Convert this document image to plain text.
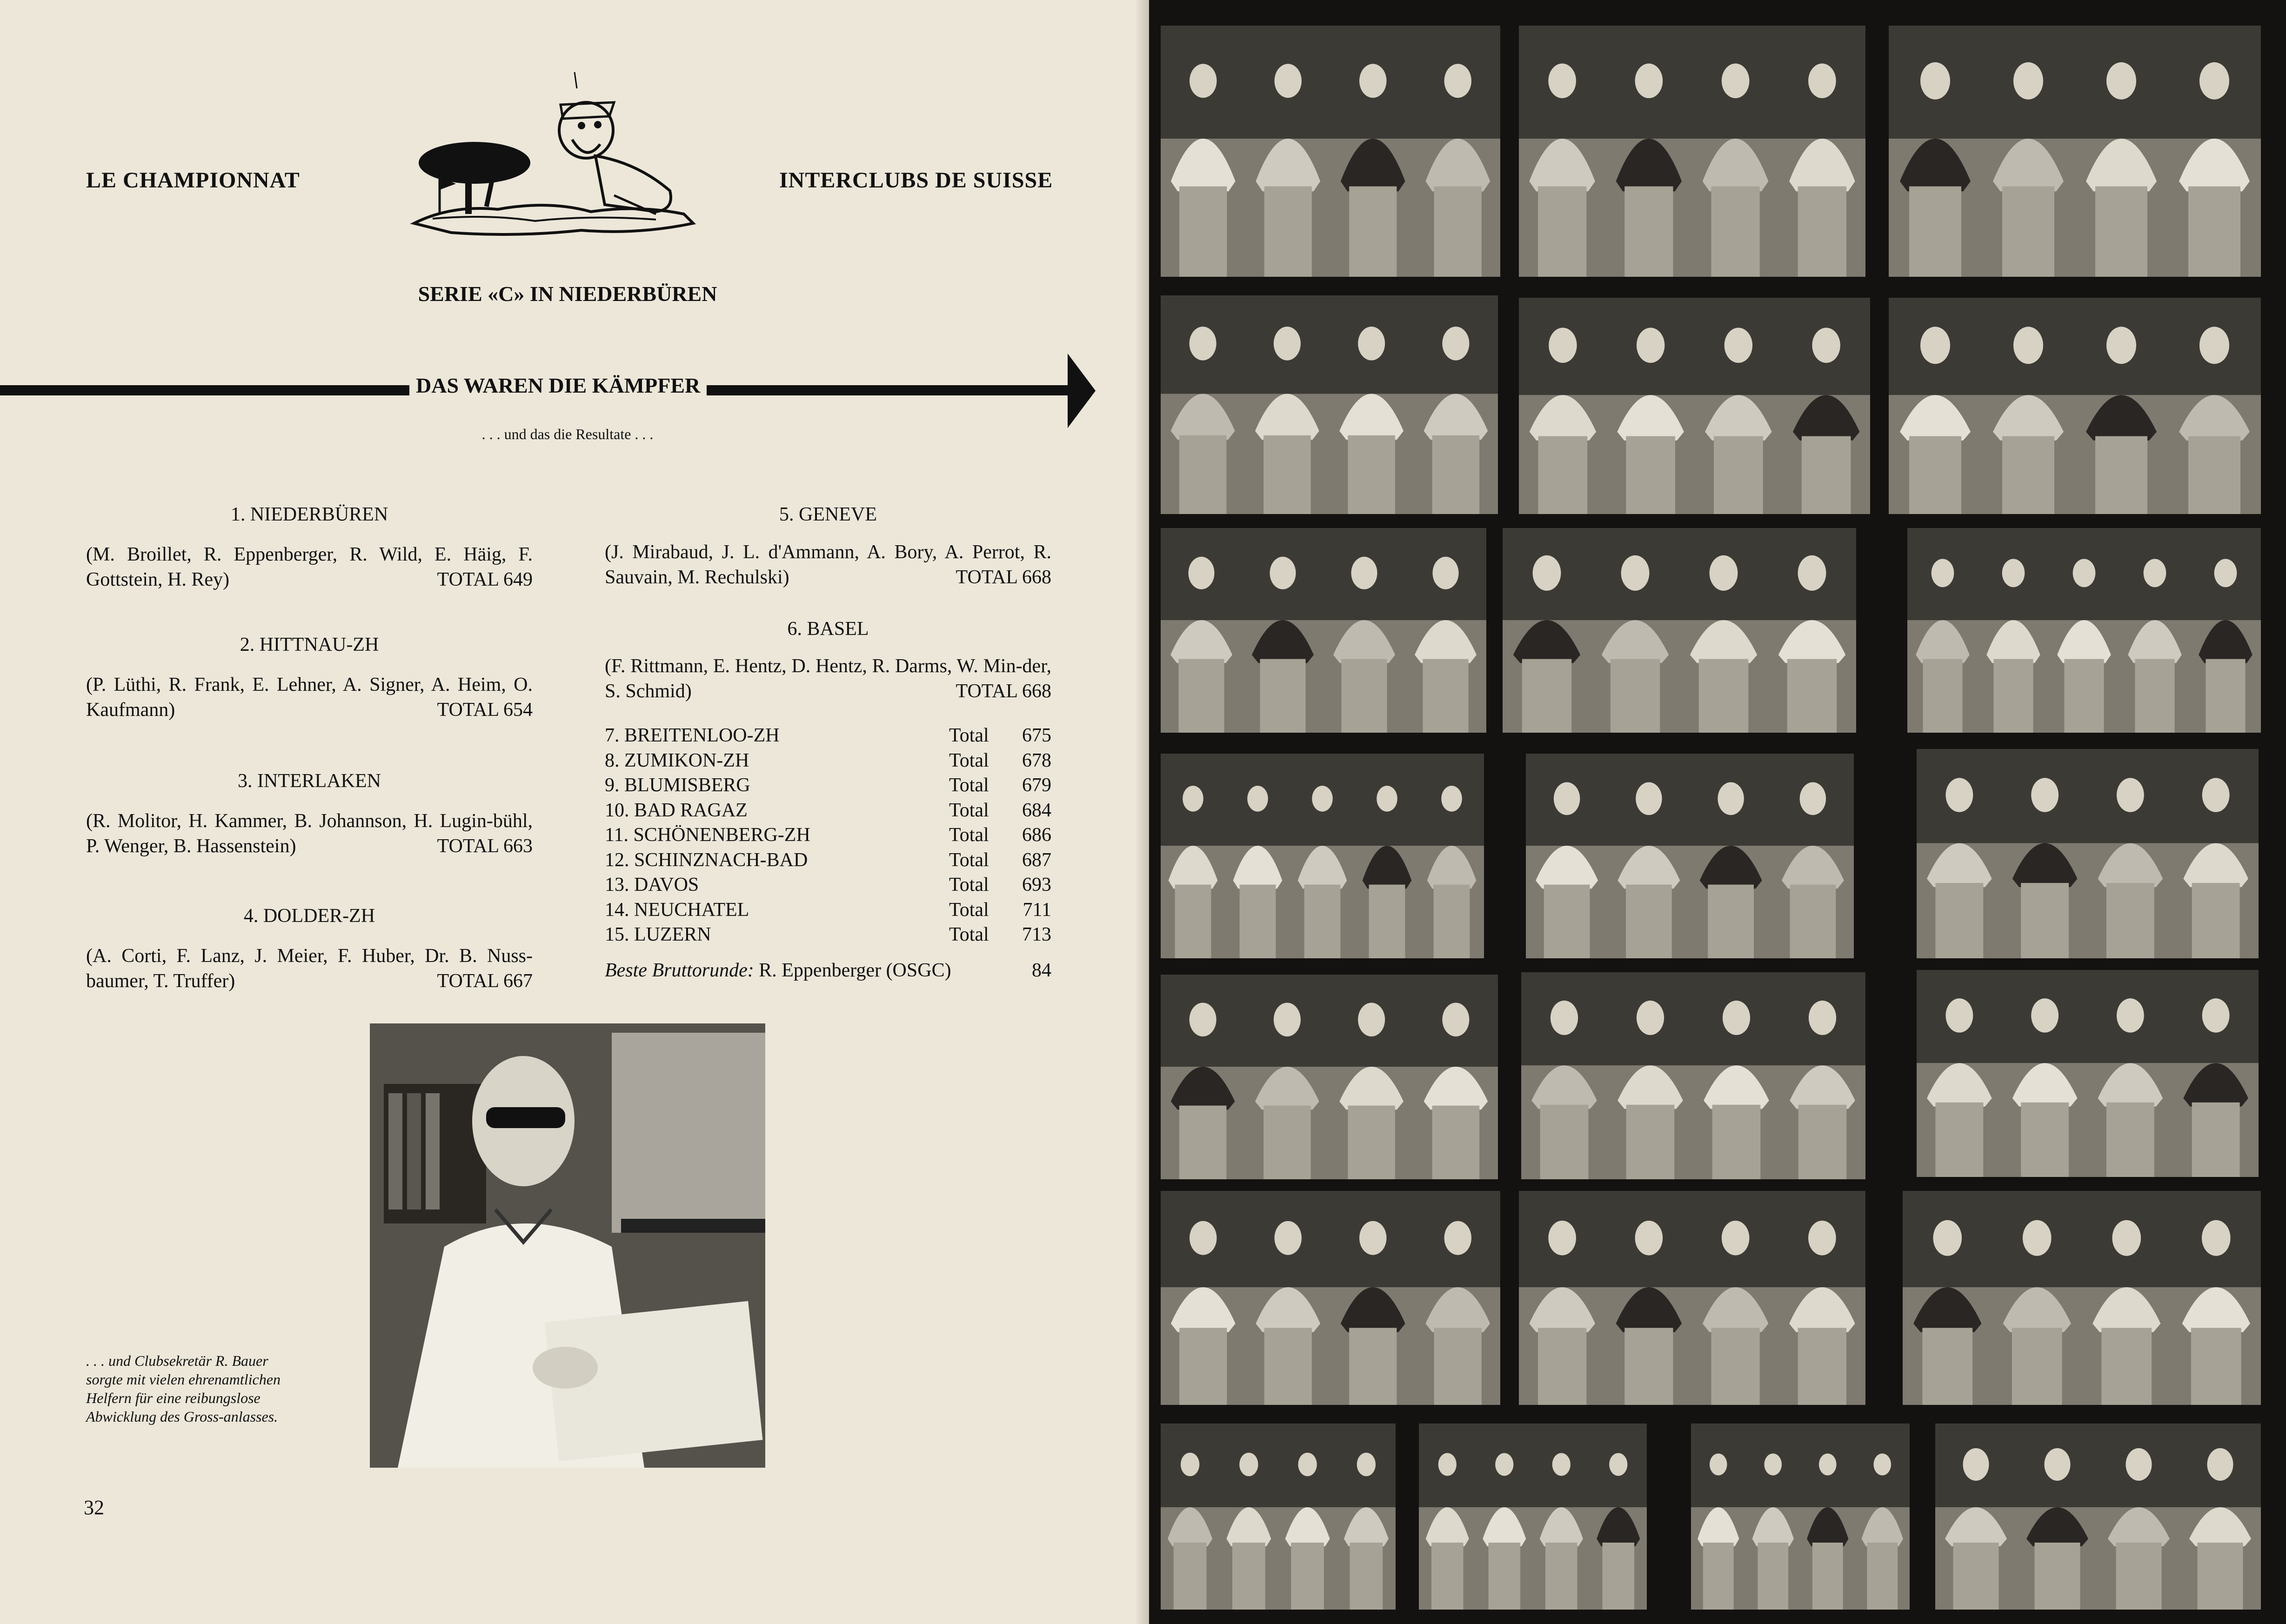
LE CHAMPIONNAT	INTERCLUBS DE SUISSE
SERIE «C» IN NIEDERBÜREN
DAS WAREN DIE KÄMPFER
. . . und das die Resultate . . .
1. NIEDERBÜREN
(M. Broillet, R. Eppenberger, R. Wild, E. Häig, F. Gottstein, H. Rey)	TOTAL 649
2. HITTNAU-ZH
(P. Lüthi, R. Frank, E. Lehner, A. Signer, A. Heim, O. Kaufmann)	TOTAL 654
3. INTERLAKEN
(R. Molitor, H. Kammer, B. Johannson, H. Lugin-bühl, P. Wenger, B. Hassenstein)	TOTAL 663
4. DOLDER-ZH
(A. Corti, F. Lanz, J. Meier, F. Huber, Dr. B. Nuss-baumer, T. Truffer)	TOTAL 667
5. GENEVE
(J. Mirabaud, J. L. d'Ammann, A. Bory, A. Perrot, R. Sauvain, M. Rechulski)	TOTAL 668
6. BASEL
(F. Rittmann, E. Hentz, D. Hentz, R. Darms, W. Min-der, S. Schmid)	TOTAL 668
7. BREITENLOO-ZH	Total	675
8. ZUMIKON-ZH	Total	678
9. BLUMISBERG	Total	679
10. BAD RAGAZ	Total	684
11. SCHÖNENBERG-ZH	Total	686
12. SCHINZNACH-BAD	Total	687
13. DAVOS	Total	693
14. NEUCHATEL	Total	711
15. LUZERN	Total	713
Beste Bruttorunde:
R. Eppenberger (OSGC)	84
. . . und Clubsekretär R. Bauer sorgte mit vielen ehrenamtlichen Helfern für eine reibungslose Abwicklung des Gross-anlasses.
32
